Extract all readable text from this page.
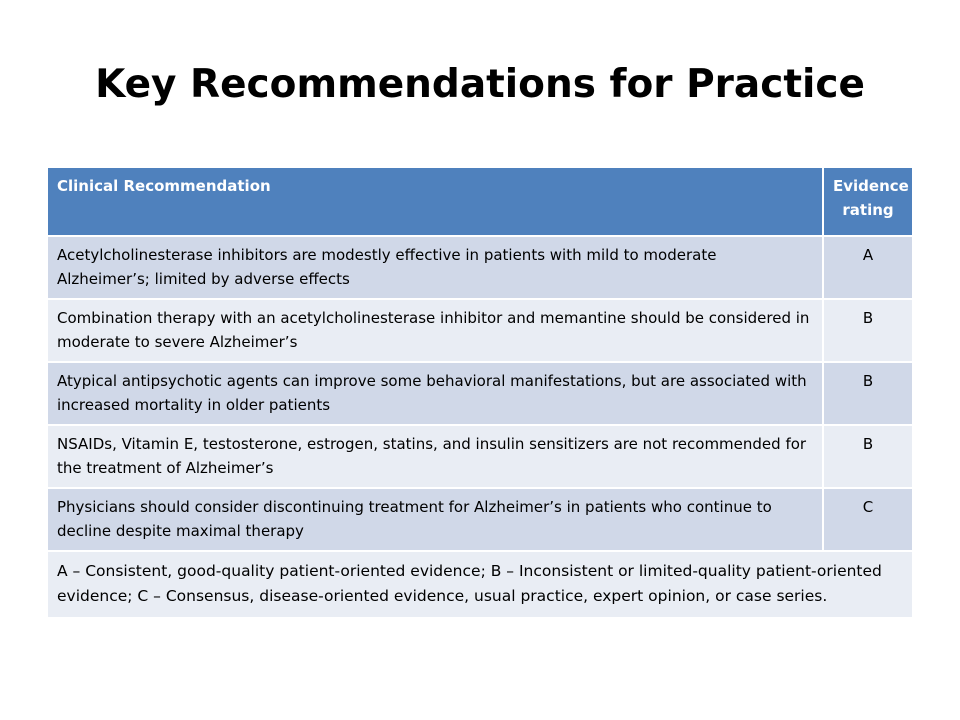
Key Recommendations for Practice
Clinical Recommendation	Evidence rating
Acetylcholinesterase inhibitors are modestly effective in patients with mild to moderate Alzheimer’s; limited by adverse effects	A
Combination therapy with an acetylcholinesterase inhibitor and memantine should be considered in moderate to severe Alzheimer’s	B
Atypical antipsychotic agents can improve some behavioral manifestations, but are associated with increased mortality in older patients	B
NSAIDs, Vitamin E, testosterone, estrogen, statins, and insulin sensitizers are not recommended for the treatment of Alzheimer’s	B
Physicians should consider discontinuing treatment for Alzheimer’s in patients who continue to decline despite maximal therapy	C
A – Consistent, good-quality patient-oriented evidence; B – Inconsistent or limited-quality patient-oriented evidence; C – Consensus, disease-oriented evidence, usual practice, expert opinion, or case series.	
